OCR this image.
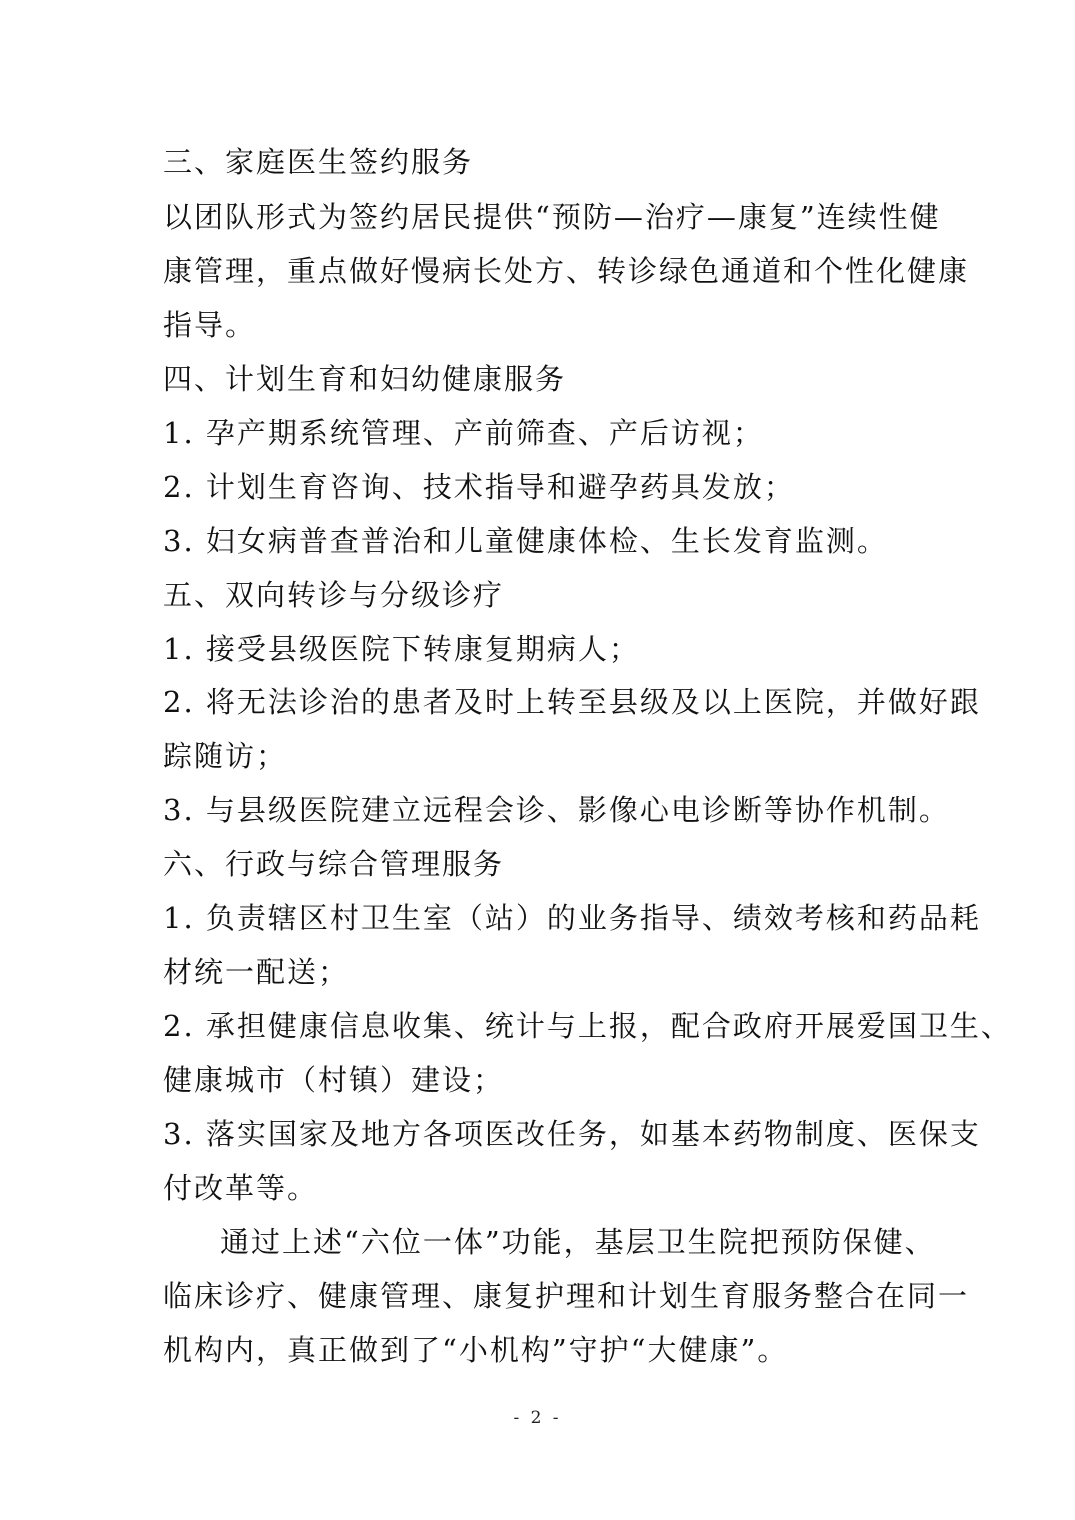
三、家庭医生签约服务
以团队形式为签约居民提供“预防—治疗—康复”连续性健
康管理，重点做好慢病长处方、转诊绿色通道和个性化健康
指导。
四、计划生育和妇幼健康服务
1. 孕产期系统管理、产前筛查、产后访视；
2. 计划生育咨询、技术指导和避孕药具发放；
3. 妇女病普查普治和儿童健康体检、生长发育监测。
五、双向转诊与分级诊疗
1. 接受县级医院下转康复期病人；
2. 将无法诊治的患者及时上转至县级及以上医院，并做好跟
踪随访；
3. 与县级医院建立远程会诊、影像心电诊断等协作机制。
六、行政与综合管理服务
1. 负责辖区村卫生室（站）的业务指导、绩效考核和药品耗
材统一配送；
2. 承担健康信息收集、统计与上报，配合政府开展爱国卫生、
健康城市（村镇）建设；
3. 落实国家及地方各项医改任务，如基本药物制度、医保支
付改革等。
通过上述“六位一体”功能，基层卫生院把预防保健、
临床诊疗、健康管理、康复护理和计划生育服务整合在同一
机构内，真正做到了“小机构”守护“大健康”。
- 2 -
